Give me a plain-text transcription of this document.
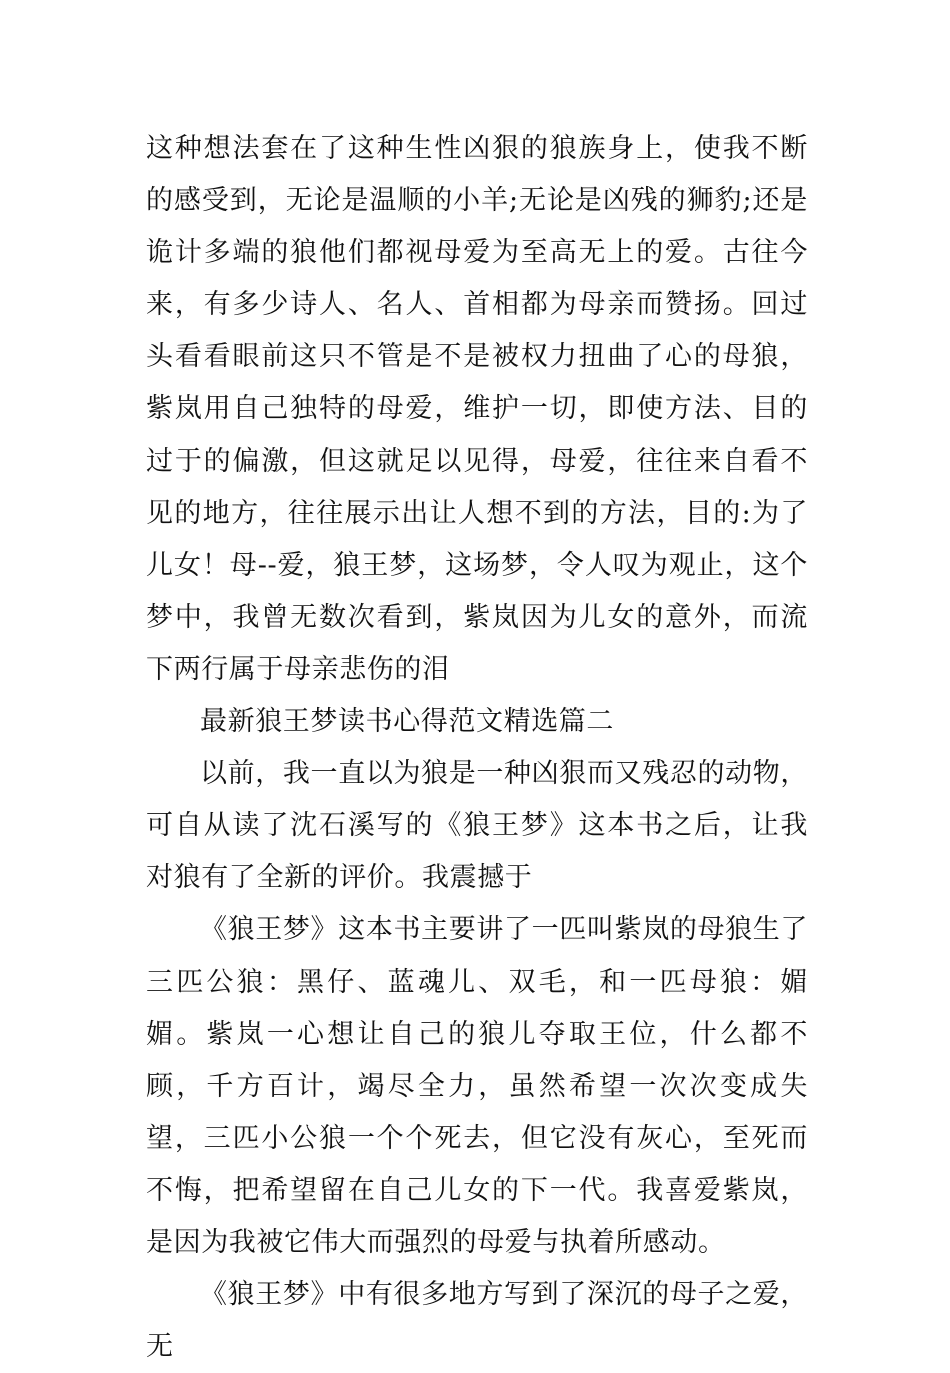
这种想法套在了这种生性凶狠的狼族身上，使我不断的感受到，无论是温顺的小羊;无论是凶残的狮豹;还是诡计多端的狼他们都视母爱为至高无上的爱。古往今来，有多少诗人、名人、首相都为母亲而赞扬。回过头看看眼前这只不管是不是被权力扭曲了心的母狼，紫岚用自己独特的母爱，维护一切，即使方法、目的过于的偏激，但这就足以见得，母爱，往往来自看不见的地方，往往展示出让人想不到的方法，目的:为了儿女！母--爱，狼王梦，这场梦，令人叹为观止，这个梦中，我曾无数次看到，紫岚因为儿女的意外，而流下两行属于母亲悲伤的泪

最新狼王梦读书心得范文精选篇二

以前，我一直以为狼是一种凶狠而又残忍的动物，可自从读了沈石溪写的《狼王梦》这本书之后，让我对狼有了全新的评价。我震撼于

《狼王梦》这本书主要讲了一匹叫紫岚的母狼生了三匹公狼：黑仔、蓝魂儿、双毛，和一匹母狼：媚媚。紫岚一心想让自己的狼儿夺取王位，什么都不顾，千方百计，竭尽全力，虽然希望一次次变成失望，三匹小公狼一个个死去，但它没有灰心，至死而不悔，把希望留在自己儿女的下一代。我喜爱紫岚，是因为我被它伟大而强烈的母爱与执着所感动。

《狼王梦》中有很多地方写到了深沉的母子之爱，无
